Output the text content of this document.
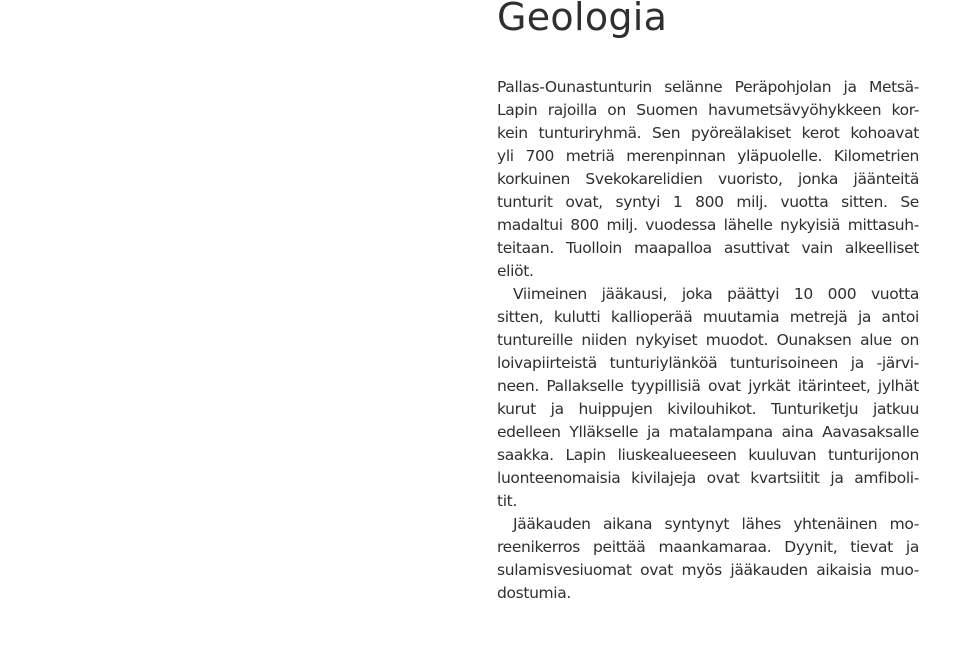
Geologia
Pallas-Ounastunturin selänne Peräpohjolan ja Metsä-
Lapin rajoilla on Suomen havumetsävyöhykkeen kor-
kein tunturiryhmä. Sen pyöreälakiset kerot kohoavat
yli 700 metriä merenpinnan yläpuolelle. Kilometrien
korkuinen Svekokarelidien vuoristo, jonka jäänteitä
tunturit ovat, syntyi 1 800 milj. vuotta sitten. Se
madaltui 800 milj. vuodessa lähelle nykyisiä mittasuh-
teitaan. Tuolloin maapalloa asuttivat vain alkeelliset
eliöt.
Viimeinen jääkausi, joka päättyi 10 000 vuotta
sitten, kulutti kallioperää muutamia metrejä ja antoi
tuntureille niiden nykyiset muodot. Ounaksen alue on
loivapiirteistä tunturiylänköä tunturisoineen ja -järvi-
neen. Pallakselle tyypillisiä ovat jyrkät itärinteet, jylhät
kurut ja huippujen kivilouhikot. Tunturiketju jatkuu
edelleen Ylläkselle ja matalampana aina Aavasaksalle
saakka. Lapin liuskealueeseen kuuluvan tunturijonon
luonteenomaisia kivilajeja ovat kvartsiitit ja amfiboli-
tit.
Jääkauden aikana syntynyt lähes yhtenäinen mo-
reenikerros peittää maankamaraa. Dyynit, tievat ja
sulamisvesiuomat ovat myös jääkauden aikaisia muo-
dostumia.
